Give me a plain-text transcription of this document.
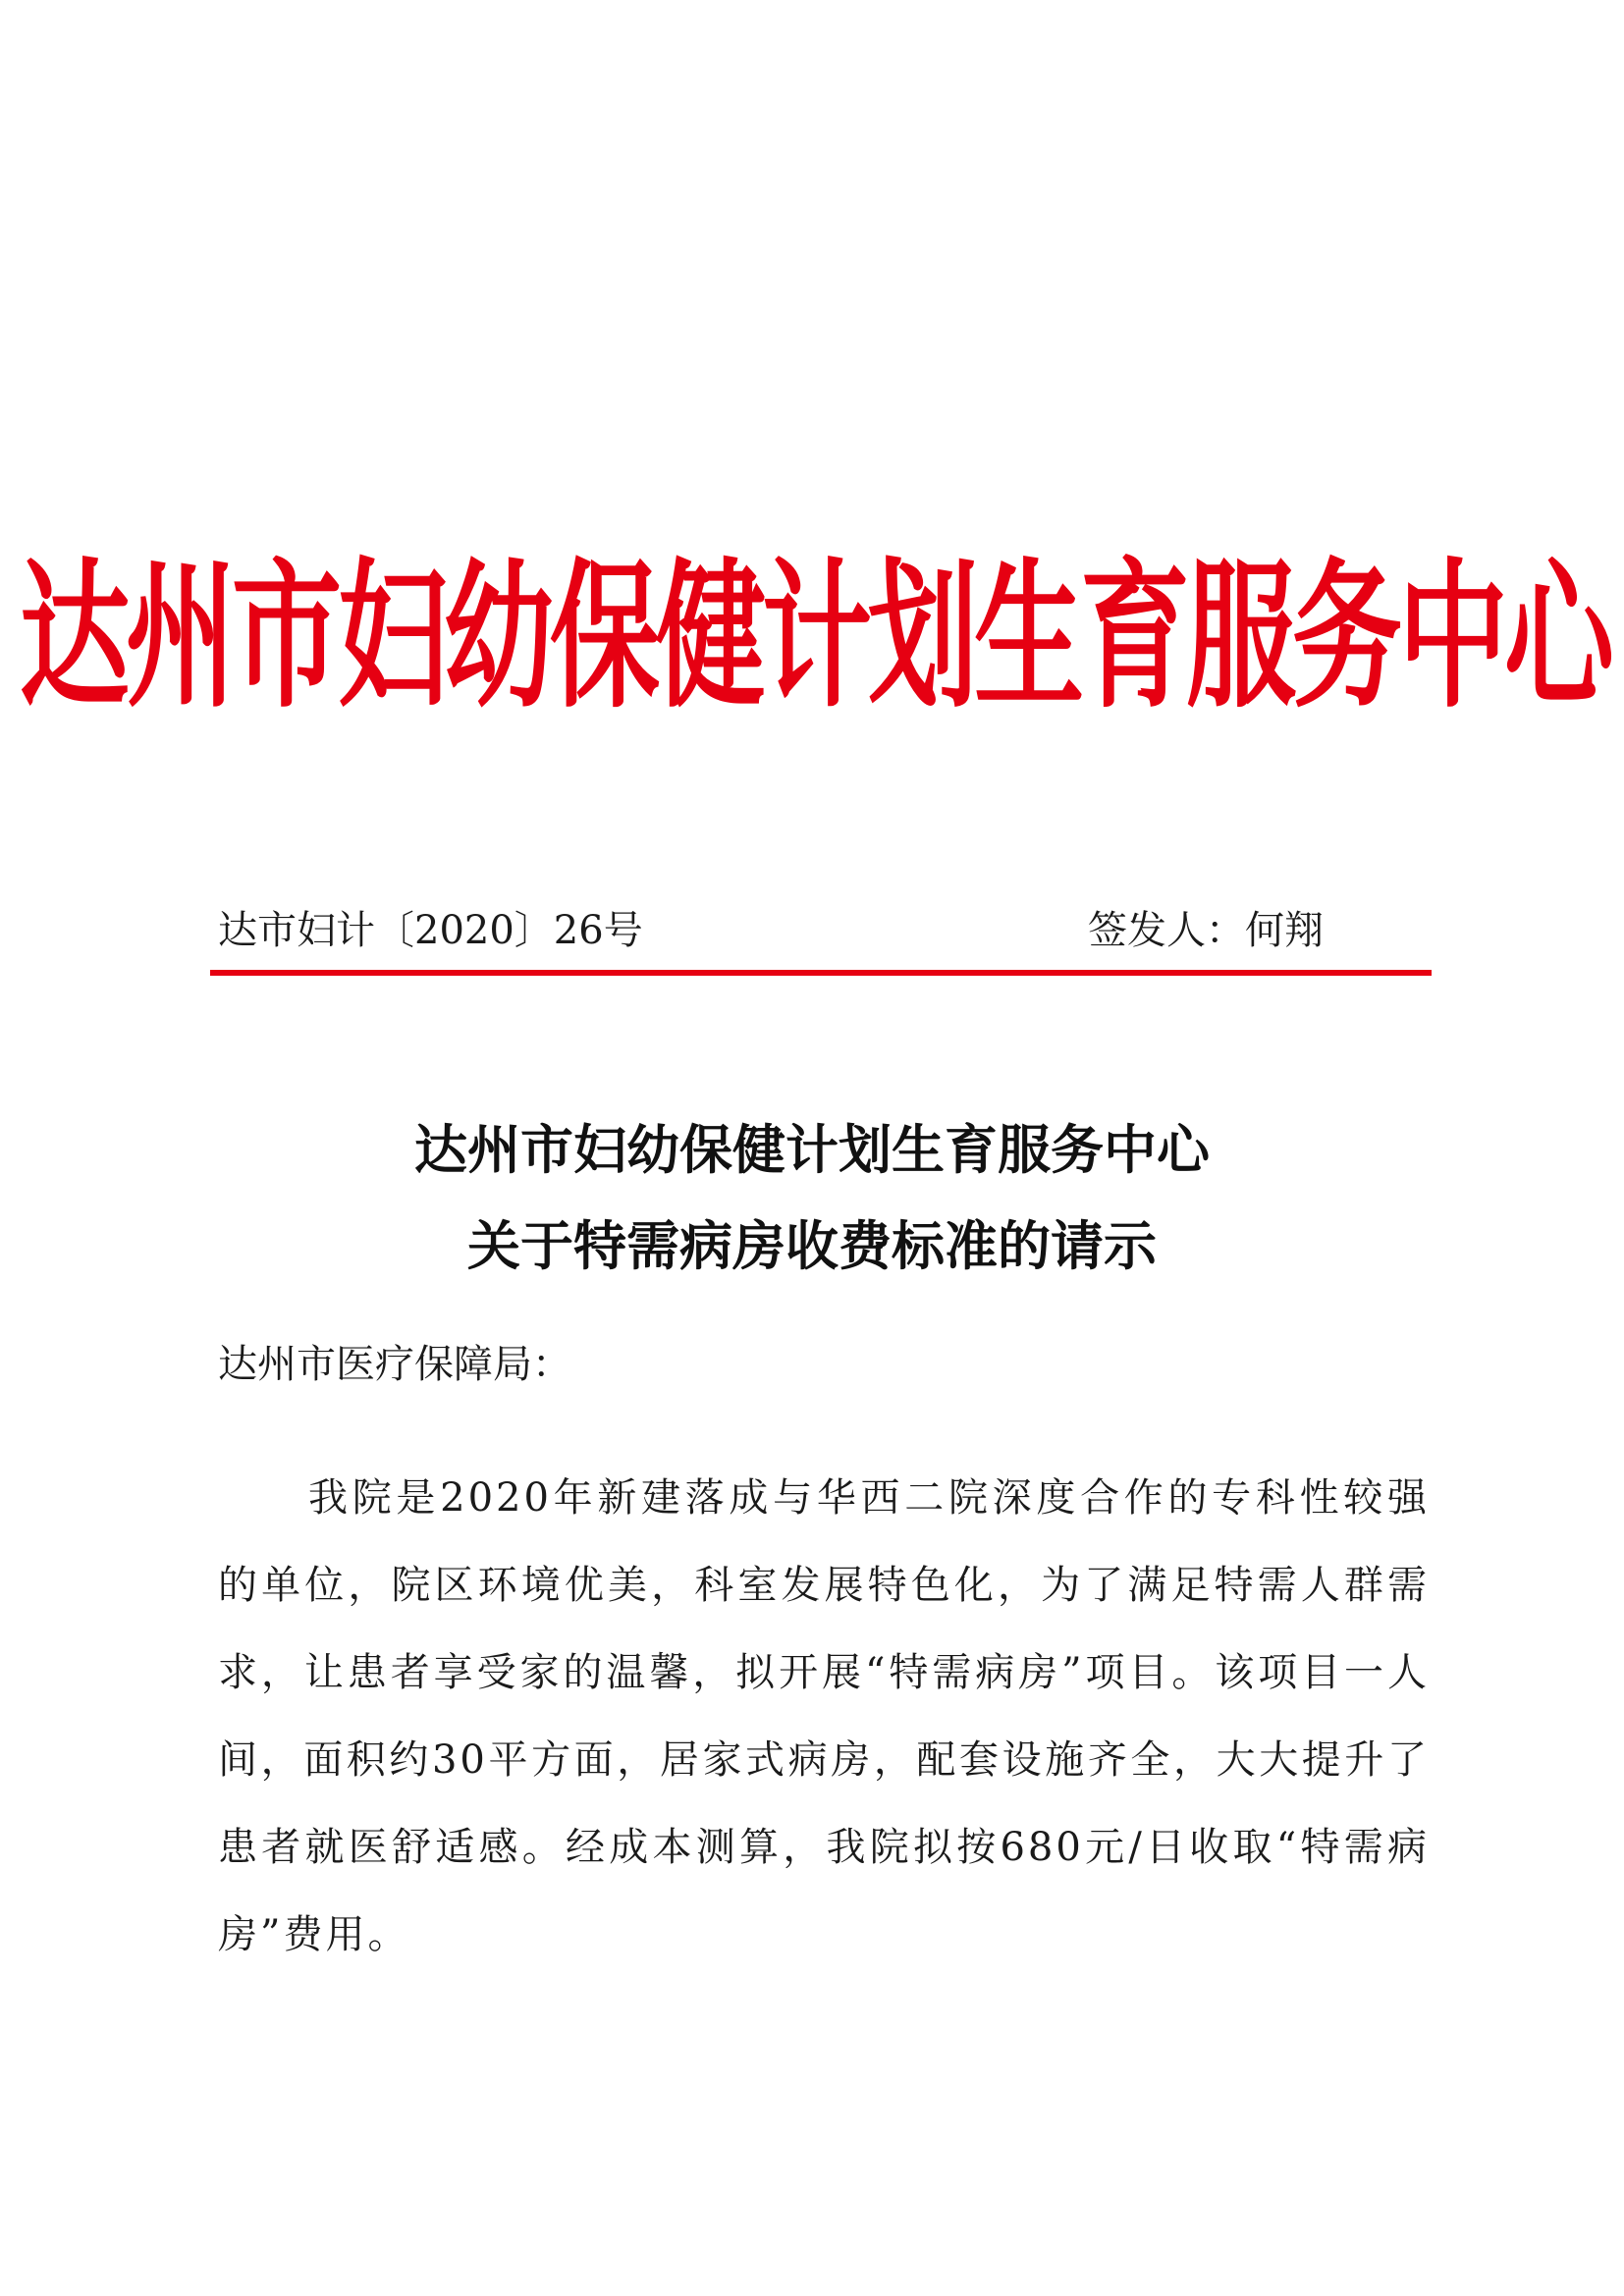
达州市妇幼保健计划生育服务中心
达市妇计〔2020〕26号	签发人：何翔
达州市妇幼保健计划生育服务中心
关于特需病房收费标准的请示
达州市医疗保障局：

我院是2020年新建落成与华西二院深度合作的专科性较强的单位，院区环境优美，科室发展特色化，为了满足特需人群需求，让患者享受家的温馨，拟开展“特需病房”项目。该项目一人间，面积约30平方面，居家式病房，配套设施齐全，大大提升了患者就医舒适感。经成本测算，我院拟按680元/日收取“特需病房”费用。
